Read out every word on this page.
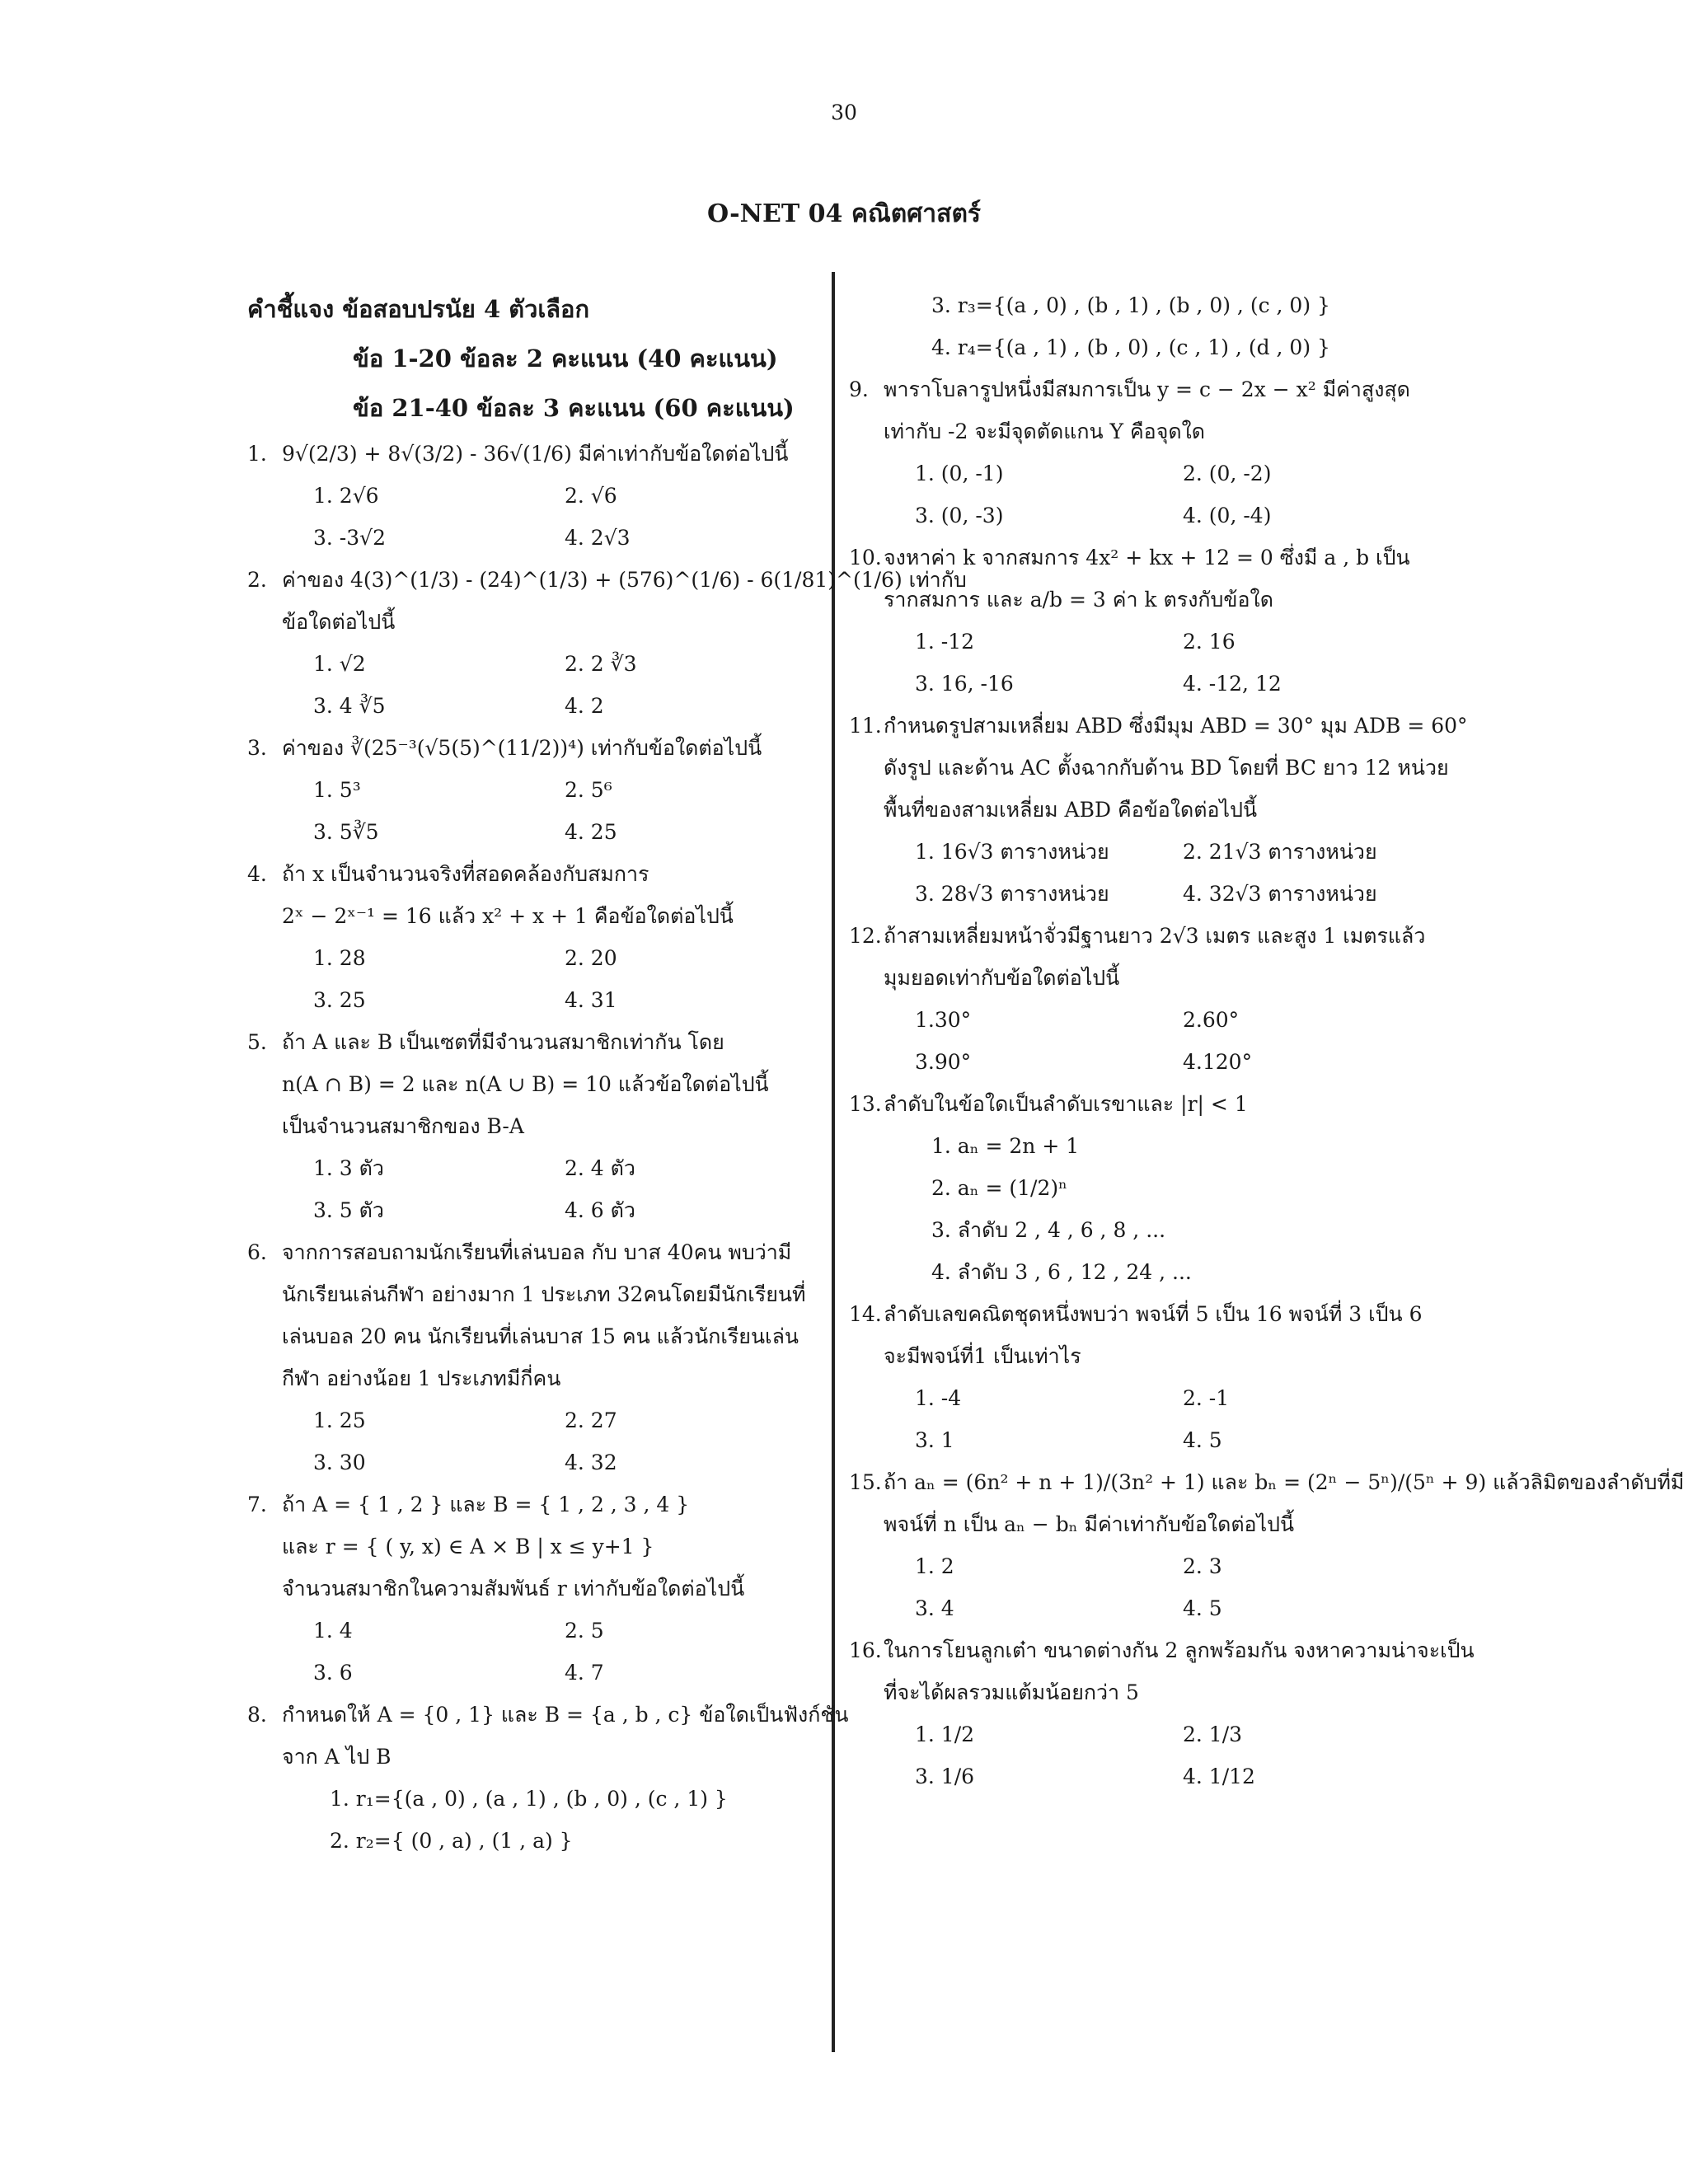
30
O-NET 04 คณิตศาสตร์
คำชี้แจง ข้อสอบปรนัย 4 ตัวเลือก
ข้อ 1-20 ข้อละ 2 คะแนน (40 คะแนน)
ข้อ 21-40 ข้อละ 3 คะแนน (60 คะแนน)
1. 9√(2/3) + 8√(3/2) - 36√(1/6) มีค่าเท่ากับข้อใดต่อไปนี้
1. 2√6	2. √6
3. -3√2	4. 2√3
2. ค่าของ 4(3)^(1/3) - (24)^(1/3) + (576)^(1/6) - 6(1/81)^(1/6) เท่ากับ
ข้อใดต่อไปนี้
1. √2	2. 2 ∛3
3. 4 ∛5	4. 2
3. ค่าของ ∛(25⁻³(√5(5)^(11/2))⁴) เท่ากับข้อใดต่อไปนี้
1. 5³	2. 5⁶
3. 5∛5	4. 25
4. ถ้า x เป็นจำนวนจริงที่สอดคล้องกับสมการ
2ˣ − 2ˣ⁻¹ = 16 แล้ว x² + x + 1 คือข้อใดต่อไปนี้
1. 28	2. 20
3. 25	4. 31
5. ถ้า A และ B เป็นเซตที่มีจำนวนสมาชิกเท่ากัน โดย
n(A ∩ B) = 2 และ n(A ∪ B) = 10 แล้วข้อใดต่อไปนี้
เป็นจำนวนสมาชิกของ B-A
1. 3 ตัว	2. 4 ตัว
3. 5 ตัว	4. 6 ตัว
6. จากการสอบถามนักเรียนที่เล่นบอล กับ บาส 40คน พบว่ามี
นักเรียนเล่นกีฬา อย่างมาก 1 ประเภท 32คนโดยมีนักเรียนที่
เล่นบอล 20 คน นักเรียนที่เล่นบาส 15 คน แล้วนักเรียนเล่น
กีฬา อย่างน้อย 1 ประเภทมีกี่คน
1. 25	2. 27
3. 30	4. 32
7. ถ้า A = { 1 , 2 } และ B = { 1 , 2 , 3 , 4 }
และ r = { ( y, x) ∈ A × B | x ≤ y+1 }
จำนวนสมาชิกในความสัมพันธ์ r เท่ากับข้อใดต่อไปนี้
1. 4	2. 5
3. 6	4. 7
8. กำหนดให้ A = {0 , 1} และ B = {a , b , c} ข้อใดเป็นฟังก์ชัน
จาก A ไป B
1. r₁={(a , 0) , (a , 1) , (b , 0) , (c , 1) }
2. r₂={ (0 , a) , (1 , a) }
3. r₃={(a , 0) , (b , 1) , (b , 0) , (c , 0) }
4. r₄={(a , 1) , (b , 0) , (c , 1) , (d , 0) }
9. พาราโบลารูปหนึ่งมีสมการเป็น y = c − 2x − x² มีค่าสูงสุด
เท่ากับ -2 จะมีจุดตัดแกน Y คือจุดใด
1. (0, -1)	2. (0, -2)
3. (0, -3)	4. (0, -4)
10. จงหาค่า k จากสมการ 4x² + kx + 12 = 0 ซึ่งมี a , b เป็น
รากสมการ และ a/b = 3 ค่า k ตรงกับข้อใด
1. -12	2. 16
3. 16, -16	4. -12, 12
11. กำหนดรูปสามเหลี่ยม ABD ซึ่งมีมุม ABD = 30° มุม ADB = 60°
ดังรูป และด้าน AC ตั้งฉากกับด้าน BD โดยที่ BC ยาว 12 หน่วย
พื้นที่ของสามเหลี่ยม ABD คือข้อใดต่อไปนี้
1. 16√3 ตารางหน่วย	2. 21√3 ตารางหน่วย
3. 28√3 ตารางหน่วย	4. 32√3 ตารางหน่วย
12. ถ้าสามเหลี่ยมหน้าจั่วมีฐานยาว 2√3 เมตร และสูง 1 เมตรแล้ว
มุมยอดเท่ากับข้อใดต่อไปนี้
1.30°	2.60°
3.90°	4.120°
13. ลำดับในข้อใดเป็นลำดับเรขาและ |r| < 1
1. aₙ = 2n + 1
2. aₙ = (1/2)ⁿ
3. ลำดับ 2 , 4 , 6 , 8 , ...
4. ลำดับ 3 , 6 , 12 , 24 , ...
14. ลำดับเลขคณิตชุดหนึ่งพบว่า พจน์ที่ 5 เป็น 16 พจน์ที่ 3 เป็น 6
จะมีพจน์ที่1 เป็นเท่าไร
1. -4	2. -1
3. 1	4. 5
15. ถ้า aₙ = (6n² + n + 1)/(3n² + 1) และ bₙ = (2ⁿ − 5ⁿ)/(5ⁿ + 9) แล้วลิมิตของลำดับที่มี
พจน์ที่ n เป็น aₙ − bₙ มีค่าเท่ากับข้อใดต่อไปนี้
1. 2	2. 3
3. 4	4. 5
16. ในการโยนลูกเต๋า ขนาดต่างกัน 2 ลูกพร้อมกัน จงหาความน่าจะเป็น
ที่จะได้ผลรวมแต้มน้อยกว่า 5
1. 1/2	2. 1/3
3. 1/6	4. 1/12
